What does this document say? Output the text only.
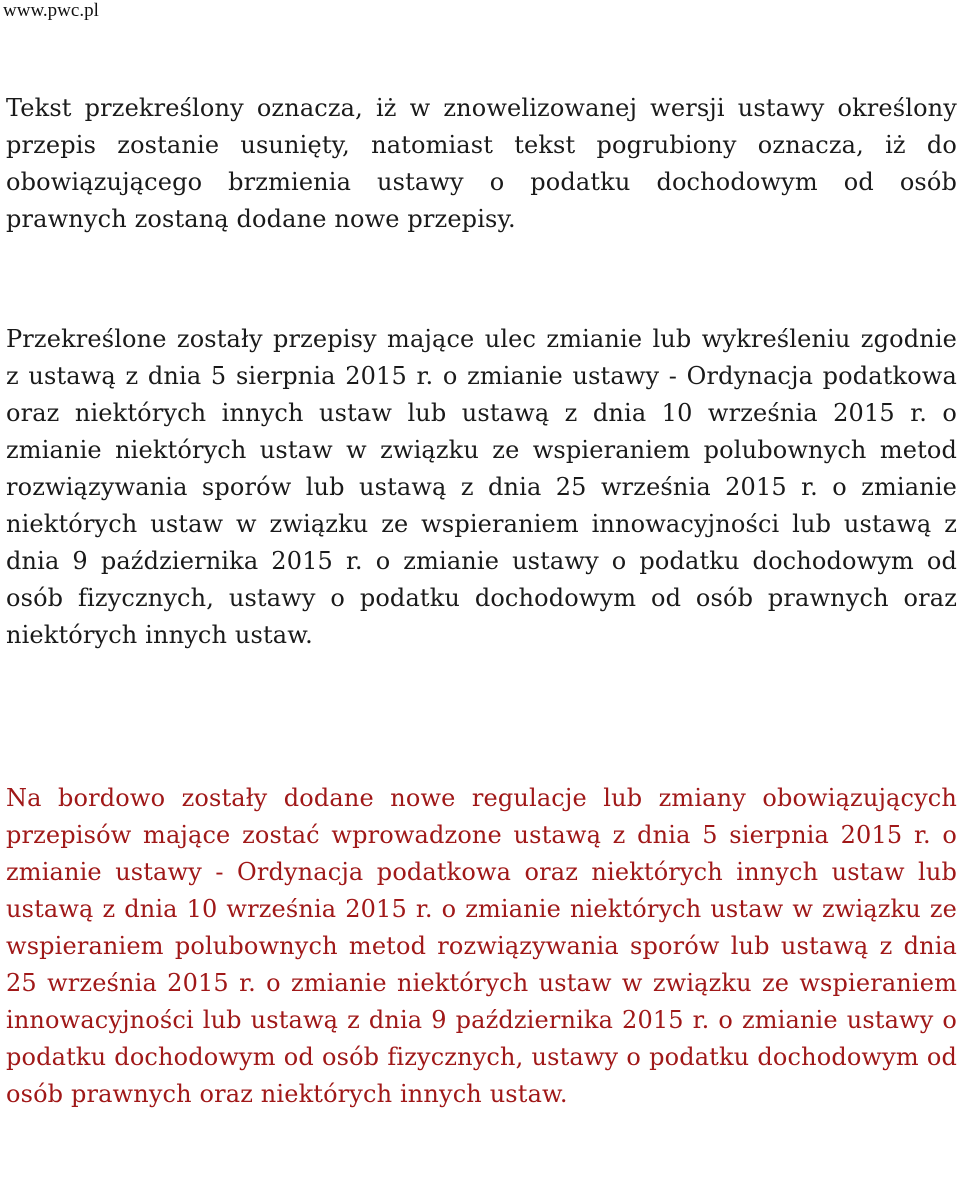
www.pwc.pl

Tekst przekreślony oznacza, iż w znowelizowanej wersji ustawy określony przepis zostanie usunięty, natomiast tekst pogrubiony oznacza, iż do obowiązującego brzmienia ustawy o podatku dochodowym od osób prawnych zostaną dodane nowe przepisy.

Przekreślone zostały przepisy mające ulec zmianie lub wykreśleniu zgodnie z ustawą z dnia 5 sierpnia 2015 r. o zmianie ustawy - Ordynacja podatkowa oraz niektórych innych ustaw lub ustawą z dnia 10 września 2015 r. o zmianie niektórych ustaw w związku ze wspieraniem polubownych metod rozwiązywania sporów lub ustawą z dnia 25 września 2015 r. o zmianie niektórych ustaw w związku ze wspieraniem innowacyjności lub ustawą z dnia 9 października 2015 r. o zmianie ustawy o podatku dochodowym od osób fizycznych, ustawy o podatku dochodowym od osób prawnych oraz niektórych innych ustaw.

Na bordowo zostały dodane nowe regulacje lub zmiany obowiązujących przepisów mające zostać wprowadzone ustawą z dnia 5 sierpnia 2015 r. o zmianie ustawy - Ordynacja podatkowa oraz niektórych innych ustaw lub ustawą z dnia 10 września 2015 r. o zmianie niektórych ustaw w związku ze wspieraniem polubownych metod rozwiązywania sporów lub ustawą z dnia 25 września 2015 r. o zmianie niektórych ustaw w związku ze wspieraniem innowacyjności lub ustawą z dnia 9 października 2015 r. o zmianie ustawy o podatku dochodowym od osób fizycznych, ustawy o podatku dochodowym od osób prawnych oraz niektórych innych ustaw.
